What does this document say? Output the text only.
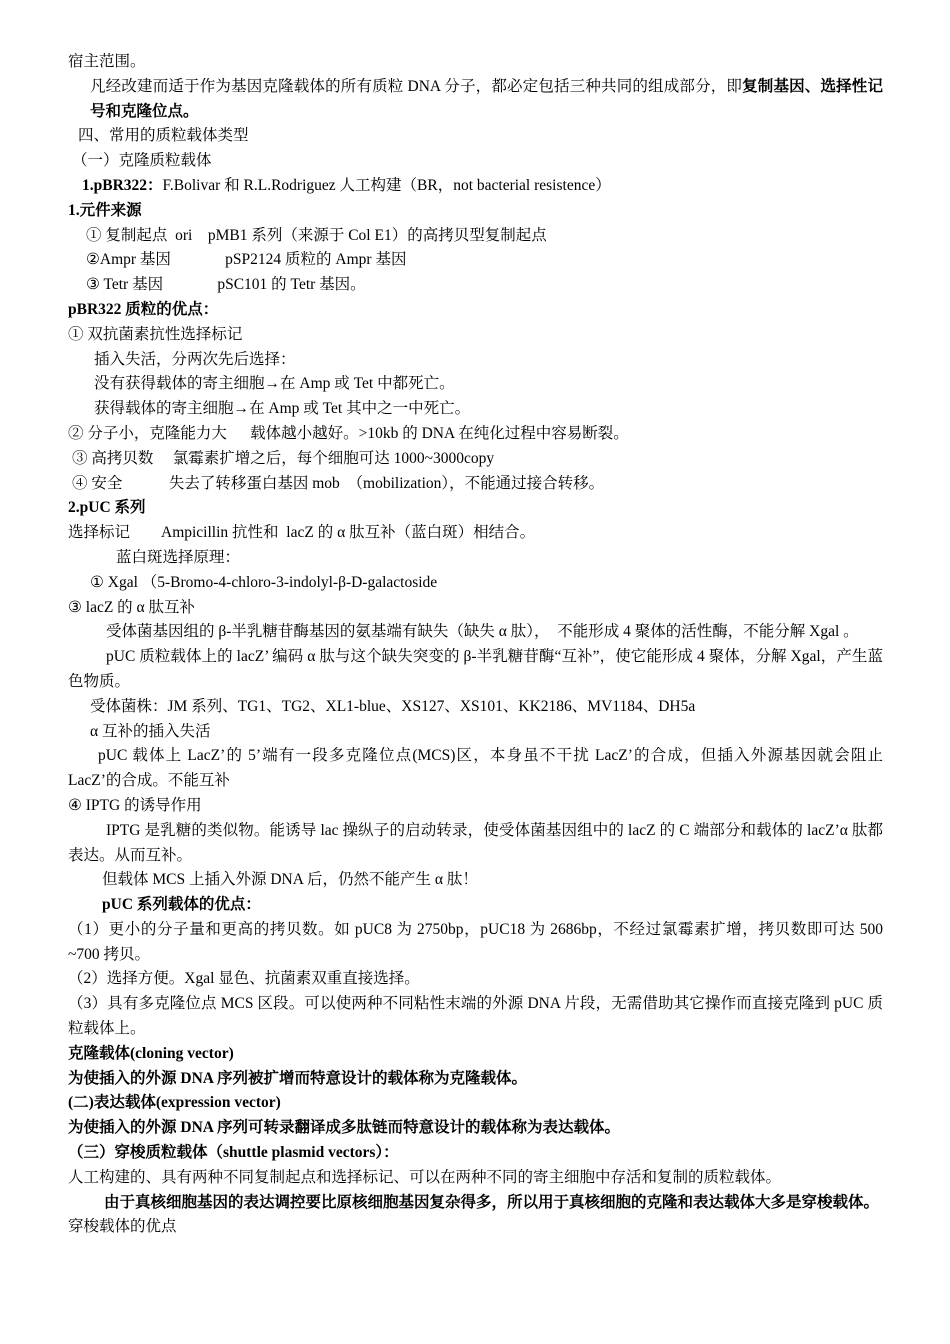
宿主范围。

凡经改建而适于作为基因克隆载体的所有质粒 DNA 分子，都必定包括三种共同的组成部分，即复制基因、选择性记号和克隆位点。

四、常用的质粒载体类型

（一）克隆质粒载体

1.pBR322：F.Bolivar 和 R.L.Rodriguez 人工构建（BR，not bacterial resistence）

1.元件来源

① 复制起点  ori    pMB1 系列（来源于 Col E1）的高拷贝型复制起点

②Ampr 基因              pSP2124 质粒的 Ampr 基因

③ Tetr 基因              pSC101 的 Tetr 基因。

pBR322 质粒的优点：

① 双抗菌素抗性选择标记

插入失活，分两次先后选择：

没有获得载体的寄主细胞→在 Amp 或 Tet 中都死亡。

获得载体的寄主细胞→在 Amp 或 Tet 其中之一中死亡。

② 分子小，克隆能力大      载体越小越好。>10kb 的 DNA 在纯化过程中容易断裂。

③ 高拷贝数     氯霉素扩增之后，每个细胞可达 1000~3000copy

④ 安全            失去了转移蛋白基因 mob  （mobilization），不能通过接合转移。

2.pUC 系列

选择标记        Ampicillin 抗性和  lacZ 的 α 肽互补（蓝白斑）相结合。

蓝白斑选择原理：

① Xgal （5-Bromo-4-chloro-3-indolyl-β-D-galactoside

③ lacZ 的 α 肽互补

受体菌基因组的 β-半乳糖苷酶基因的氨基端有缺失（缺失 α 肽），  不能形成 4 聚体的活性酶，不能分解 Xgal 。

pUC 质粒载体上的 lacZ’ 编码 α 肽与这个缺失突变的 β-半乳糖苷酶“互补”，使它能形成 4 聚体，分解 Xgal，产生蓝色物质。

受体菌株：JM 系列、TG1、TG2、XL1-blue、XS127、XS101、KK2186、MV1184、DH5a

α 互补的插入失活

pUC 载体上 LacZ’的 5’端有一段多克隆位点(MCS)区，本身虽不干扰 LacZ’的合成，但插入外源基因就会阻止 LacZ’的合成。不能互补

④ IPTG 的诱导作用

IPTG 是乳糖的类似物。能诱导 lac 操纵子的启动转录，使受体菌基因组中的 lacZ 的 C 端部分和载体的 lacZ’α 肽都表达。从而互补。

但载体 MCS 上插入外源 DNA 后，仍然不能产生 α 肽！

pUC 系列载体的优点：

（1）更小的分子量和更高的拷贝数。如 pUC8 为 2750bp，pUC18 为 2686bp，不经过氯霉素扩增，拷贝数即可达 500 ~700 拷贝。

（2）选择方便。Xgal 显色、抗菌素双重直接选择。

（3）具有多克隆位点 MCS 区段。可以使两种不同粘性末端的外源 DNA 片段，无需借助其它操作而直接克隆到 pUC 质粒载体上。

克隆载体(cloning vector)

为使插入的外源 DNA 序列被扩增而特意设计的载体称为克隆载体。

(二)表达载体(expression vector)

为使插入的外源 DNA 序列可转录翻译成多肽链而特意设计的载体称为表达载体。

（三）穿梭质粒载体（shuttle plasmid vectors）：

人工构建的、具有两种不同复制起点和选择标记、可以在两种不同的寄主细胞中存活和复制的质粒载体。

由于真核细胞基因的表达调控要比原核细胞基因复杂得多，所以用于真核细胞的克隆和表达载体大多是穿梭载体。

穿梭载体的优点
